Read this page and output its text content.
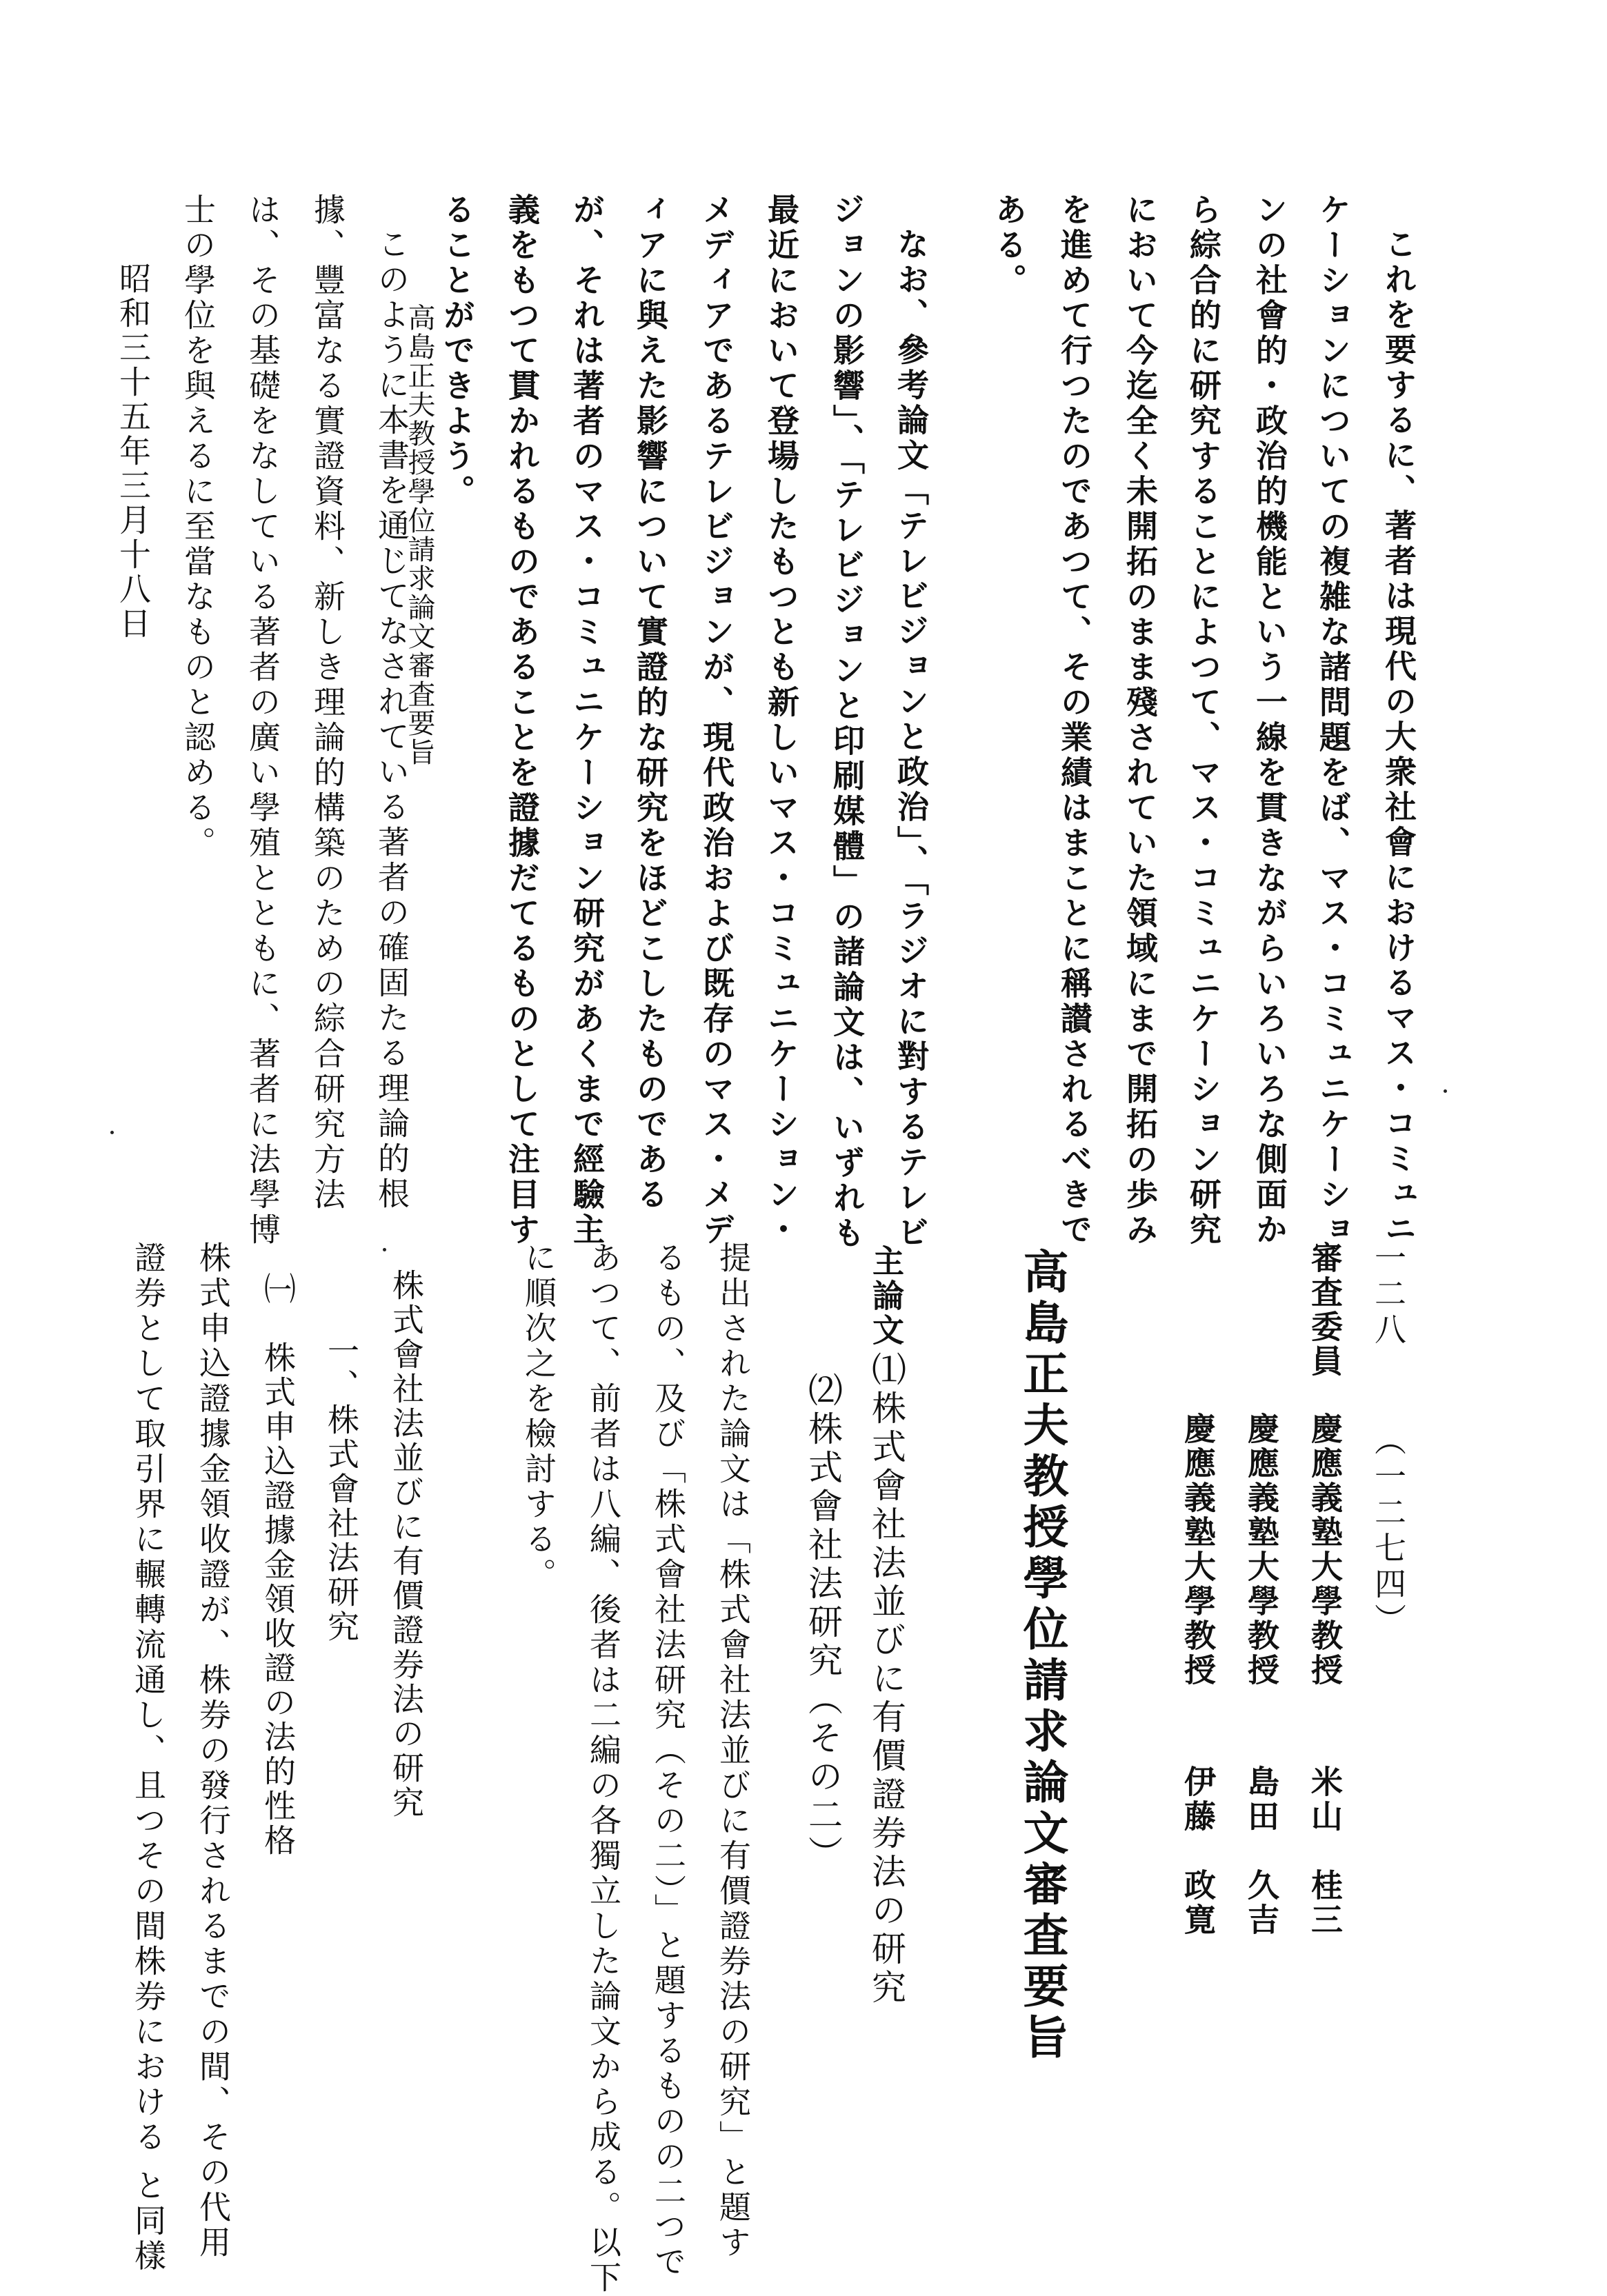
高島正夫教授學位請求論文審査要旨	これを要するに、著者は現代の大衆社會におけるマス・コミュニ
ケーションについての複雑な諸問題をば、マス・コミュニケーショ
ンの社會的・政治的機能という一線を貫きながらいろいろな側面か
ら綜合的に研究することによつて、マス・コミュニケーション研究
において今迄全く未開拓のまま殘されていた領域にまで開拓の歩み
を進めて行つたのであつて、その業績はまことに稱讃されるべきで
ある。
なお、參考論文「テレビジョンと政治」、「ラジオに對するテレビ
ジョンの影響」、「テレビジョンと印刷媒體」の諸論文は、いずれも
最近において登場したもつとも新しいマス・コミュニケーション・
メディアであるテレビジョンが、現代政治および既存のマス・メデ
ィアに與えた影響について實證的な研究をほどこしたものである
が、それは著者のマス・コミュニケーション研究があくまで經驗主
義をもつて貫かれるものであることを證據だてるものとして注目す
ることができよう。
このように本書を通じてなされている著者の確固たる理論的根
據、豐富なる實證資料、新しき理論的構築のための綜合研究方法
は、その基礎をなしている著者の廣い學殖とともに、著者に法學博
士の學位を與えるに至當なものと認める。
昭和三十五年三月十八日
一二八
（一二七四）
審査委員
慶應義塾大學教授
米山　桂三
慶應義塾大學教授
島田　久吉
慶應義塾大學教授
伊藤　政寛
高島正夫教授學位請求論文審査要旨
主論文
⑴株式會社法並びに有價證券法の研究
⑵株式會社法研究（その二）
提出された論文は「株式會社法並びに有價證券法の研究」と題す
るもの、及び「株式會社法研究（その二）」と題するものの二つで
あつて、前者は八編、後者は二編の各獨立した論文から成る。以下
に順次之を檢討する。
株式會社法並びに有價證券法の研究
一、株式會社法研究
㈠　株式申込證據金領收證の法的性格
株式申込證據金領收證が、株券の發行されるまでの間、その代用
證券として取引界に輾轉流通し、且つその間株券における と同樣
